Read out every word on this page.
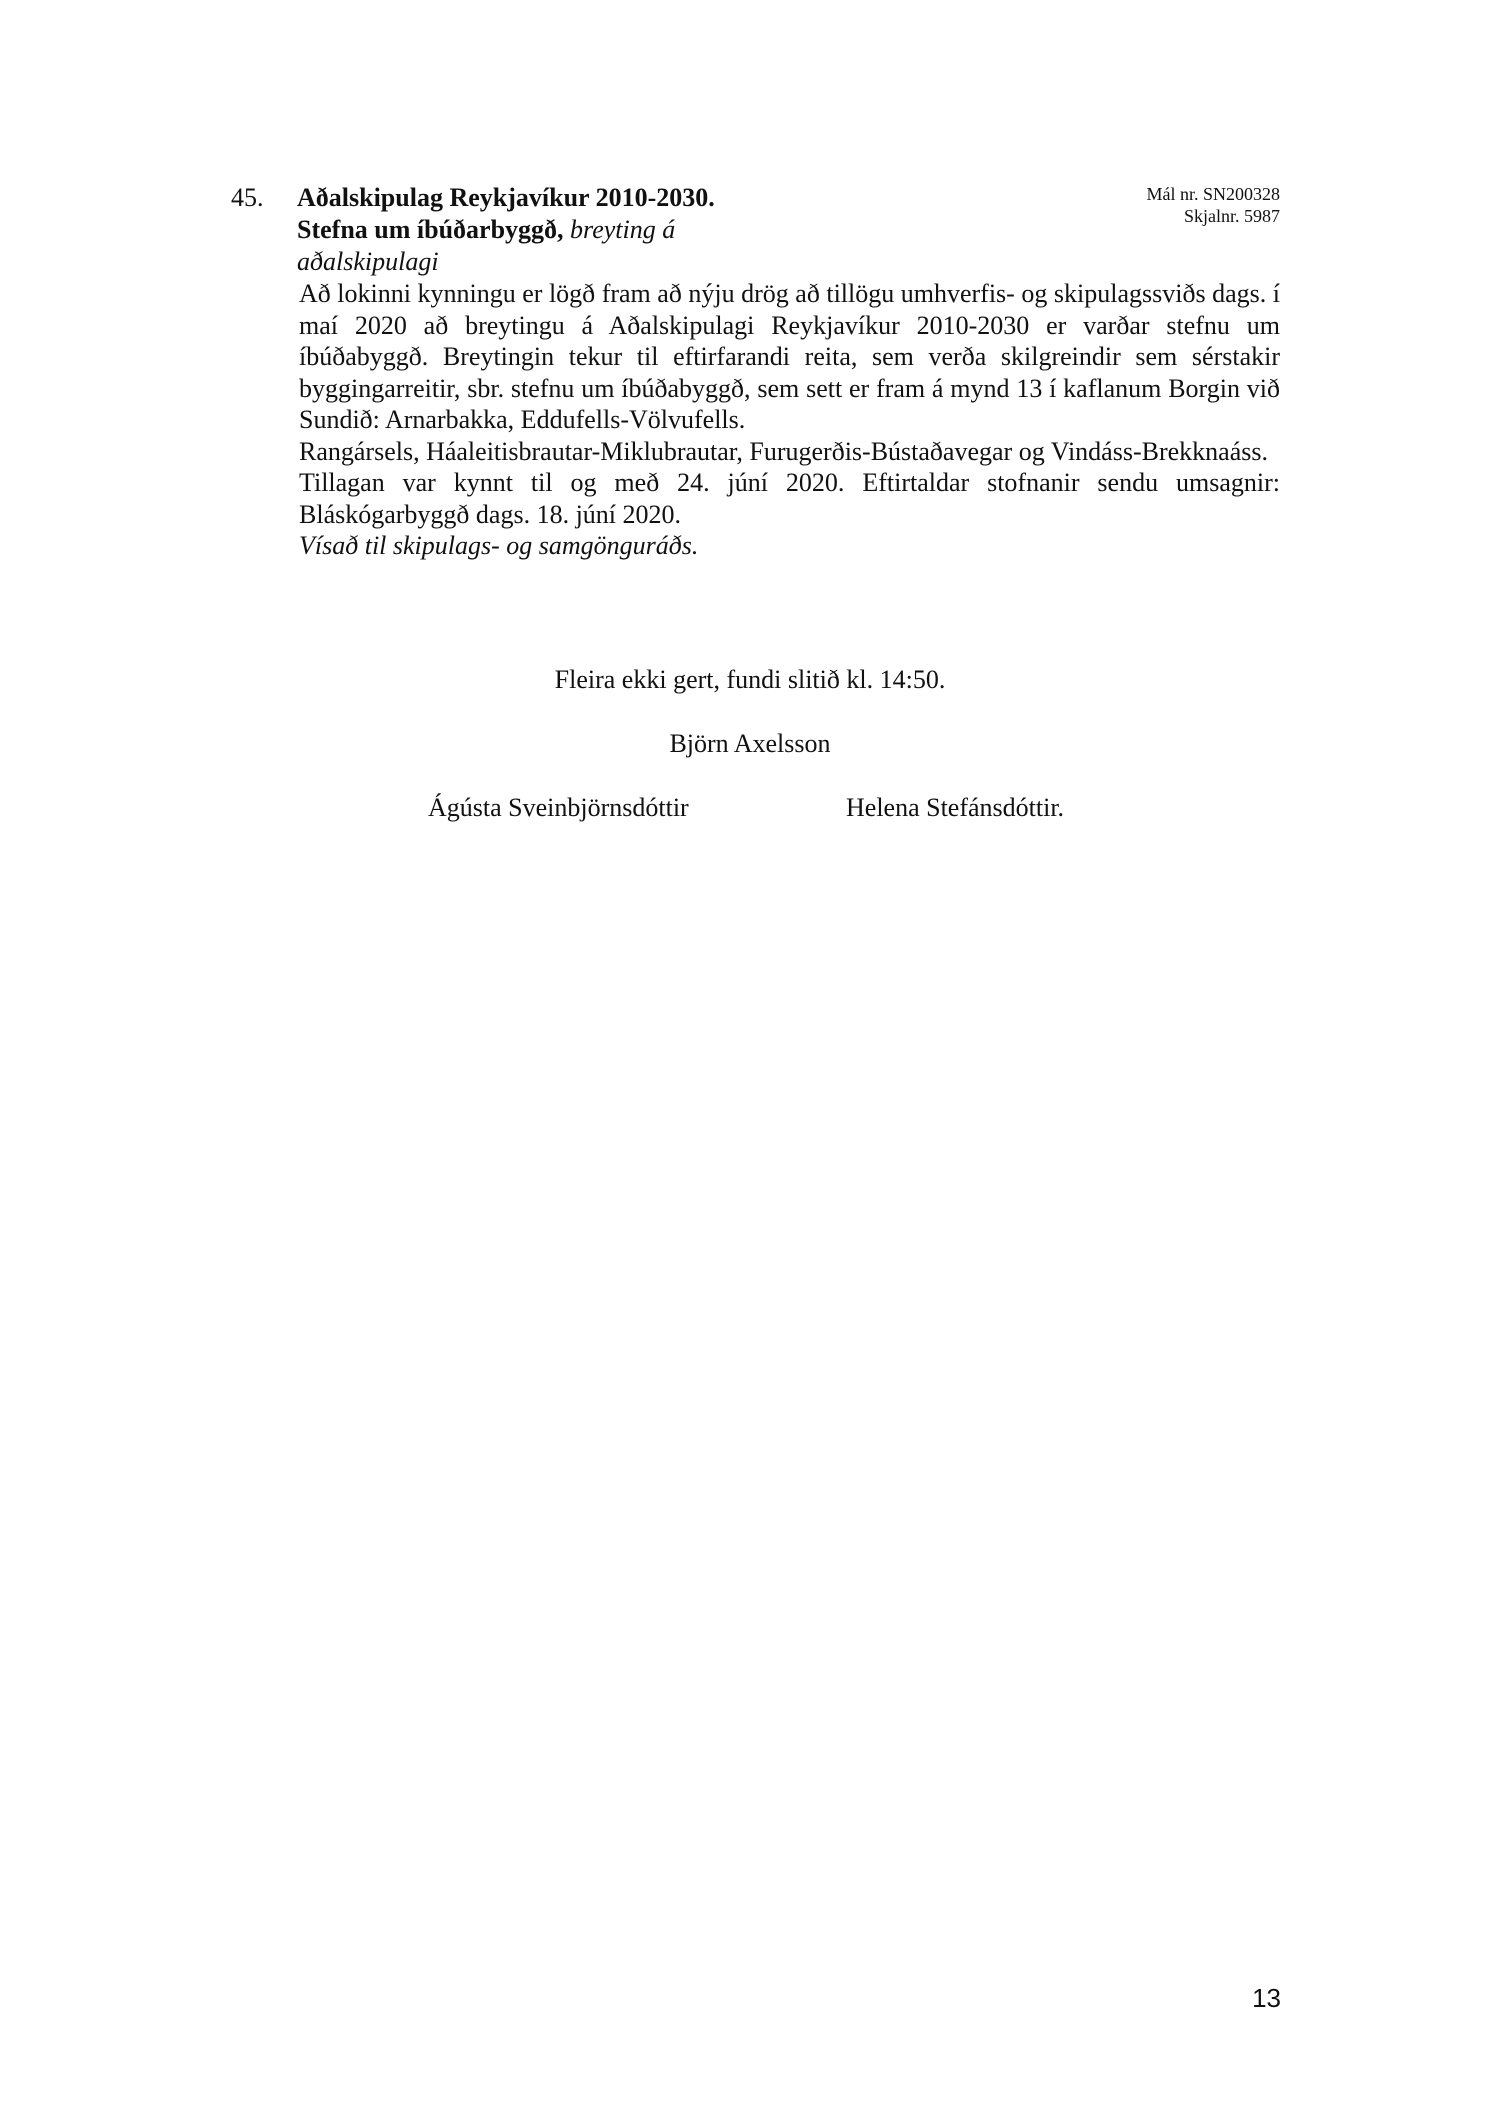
45. Aðalskipulag Reykjavíkur 2010-2030.
Stefna um íbúðarbyggð, breyting á aðalskipulagi
Mál nr. SN200328
Skjalnr. 5987

Að lokinni kynningu er lögð fram að nýju drög að tillögu umhverfis- og skipulagssviðs dags. í maí 2020 að breytingu á Aðalskipulagi Reykjavíkur 2010-2030 er varðar stefnu um íbúðabyggð. Breytingin tekur til eftirfarandi reita, sem verða skilgreindir sem sérstakir byggingarreitir, sbr. stefnu um íbúðabyggð, sem sett er fram á mynd 13 í kaflanum Borgin við Sundið: Arnarbakka, Eddufells-Völvufells.

Rangársels, Háaleitisbrautar-Miklubrautar, Furugerðis-Bústaðavegar og Vindáss-Brekknaáss.

Tillagan var kynnt til og með 24. júní 2020. Eftirtaldar stofnanir sendu umsagnir: Bláskógarbyggð dags. 18. júní 2020.

Vísað til skipulags- og samgönguráðs.

Fleira ekki gert, fundi slitið kl. 14:50.
Björn Axelsson
Ágústa Sveinbjörnsdóttir	Helena Stefánsdóttir.
13
